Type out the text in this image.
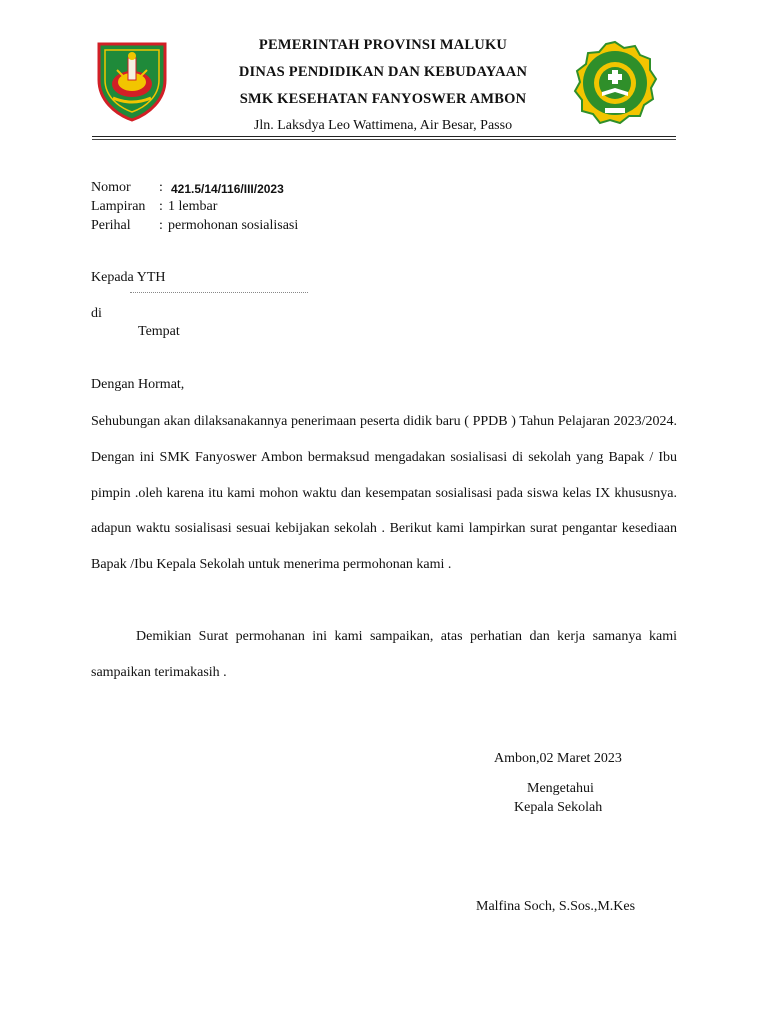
PEMERINTAH PROVINSI MALUKU
DINAS PENDIDIKAN DAN KEBUDAYAAN
SMK KESEHATAN FANYOSWER AMBON
Jln. Laksdya Leo Wattimena, Air Besar, Passo
Nomor : 421.5/14/116/III/2023
Lampiran : 1 lembar
Perihal : permohonan sosialisasi
Kepada YTH
di
Tempat
Dengan Hormat,
Sehubungan akan dilaksanakannya penerimaan peserta didik baru ( PPDB ) Tahun Pelajaran 2023/2024. Dengan ini SMK Fanyoswer Ambon bermaksud mengadakan sosialisasi di sekolah yang Bapak / Ibu pimpin .oleh karena itu kami mohon waktu dan kesempatan sosialisasi pada siswa kelas IX khususnya. adapun waktu sosialisasi sesuai kebijakan sekolah . Berikut kami lampirkan surat pengantar kesediaan Bapak /Ibu Kepala Sekolah untuk menerima permohonan kami .
Demikian Surat permohanan ini kami sampaikan, atas perhatian dan kerja samanya kami sampaikan terimakasih .
Ambon,02 Maret 2023
Mengetahui
Kepala Sekolah
Malfina Soch, S.Sos.,M.Kes
